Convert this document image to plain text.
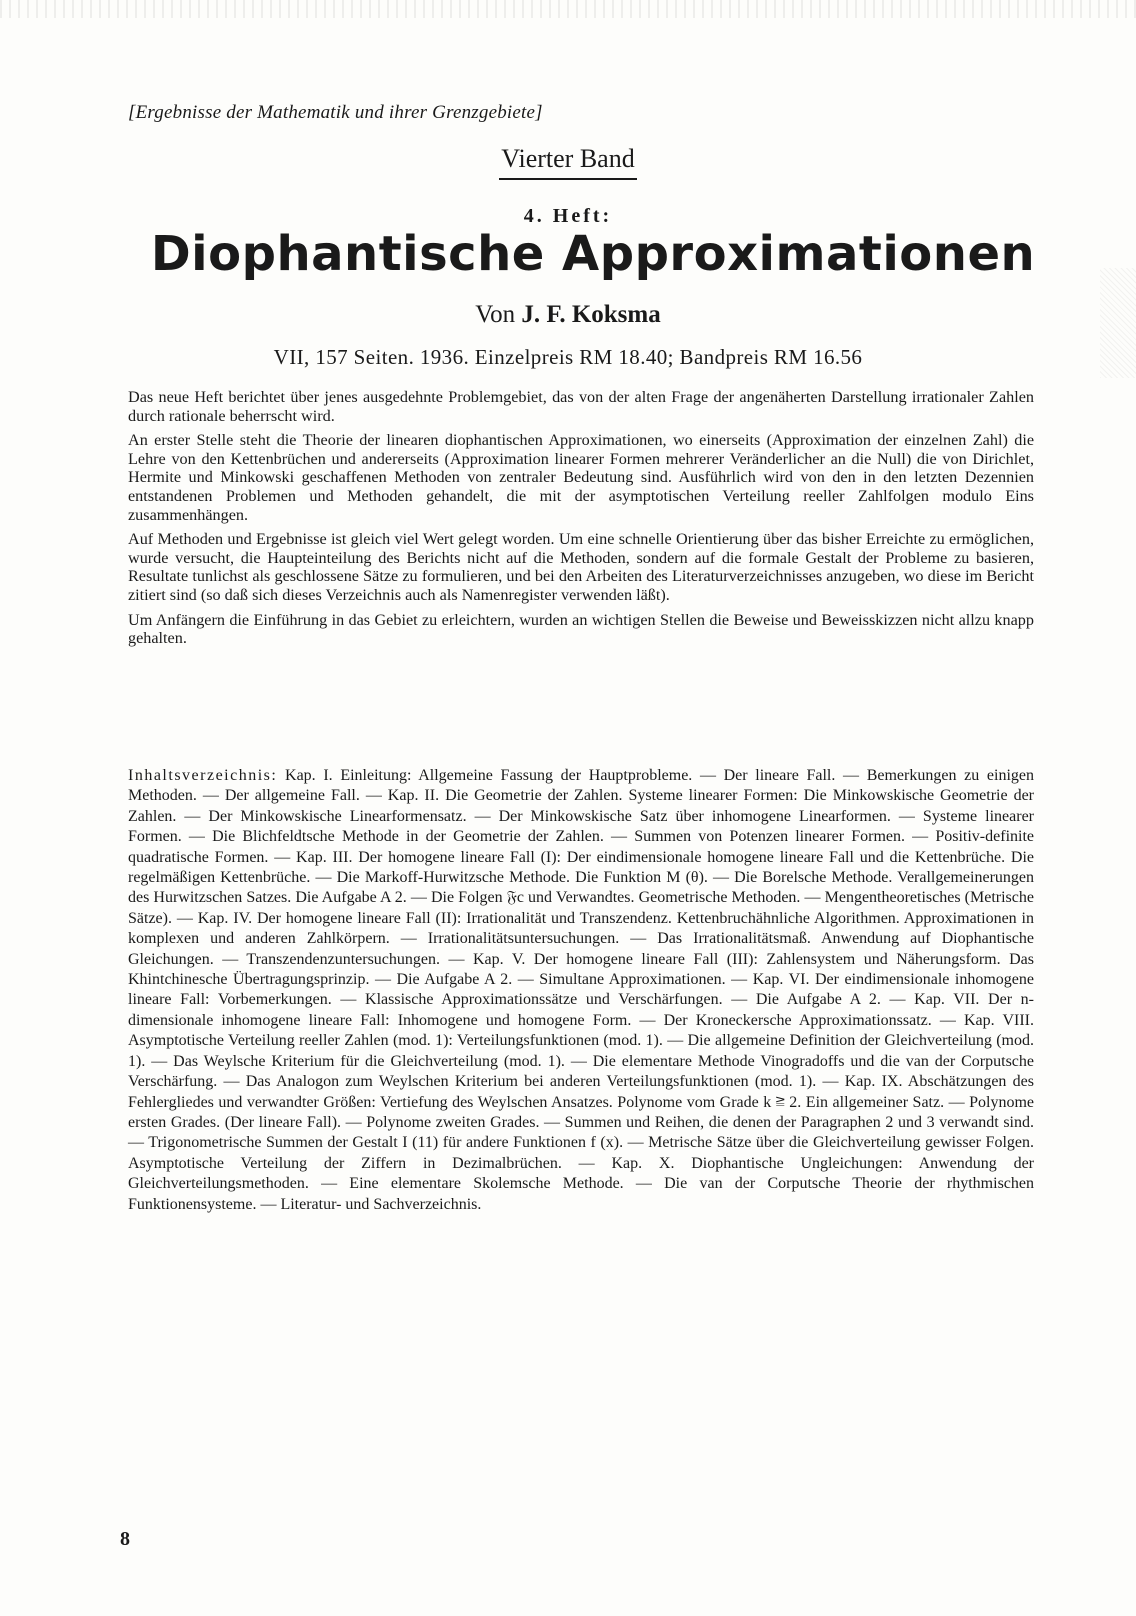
[Ergebnisse der Mathematik und ihrer Grenzgebiete]
Vierter Band
4. Heft:
Diophantische Approximationen
Von J. F. Koksma
VII, 157 Seiten. 1936. Einzelpreis RM 18.40; Bandpreis RM 16.56

Das neue Heft berichtet über jenes ausgedehnte Problemgebiet, das von der alten Frage der angenäherten Darstellung irrationaler Zahlen durch rationale beherrscht wird.

An erster Stelle steht die Theorie der linearen diophantischen Approximationen, wo einerseits (Approximation der einzelnen Zahl) die Lehre von den Kettenbrüchen und andererseits (Approximation linearer Formen mehrerer Veränderlicher an die Null) die von Dirichlet, Hermite und Minkowski geschaffenen Methoden von zentraler Bedeutung sind. Ausführlich wird von den in den letzten Dezennien entstandenen Problemen und Methoden gehandelt, die mit der asymptotischen Verteilung reeller Zahlfolgen modulo Eins zusammenhängen.

Auf Methoden und Ergebnisse ist gleich viel Wert gelegt worden. Um eine schnelle Orientierung über das bisher Erreichte zu ermöglichen, wurde versucht, die Haupteinteilung des Berichts nicht auf die Methoden, sondern auf die formale Gestalt der Probleme zu basieren, Resultate tunlichst als geschlossene Sätze zu formulieren, und bei den Arbeiten des Literaturverzeichnisses anzugeben, wo diese im Bericht zitiert sind (so daß sich dieses Verzeichnis auch als Namenregister verwenden läßt).

Um Anfängern die Einführung in das Gebiet zu erleichtern, wurden an wichtigen Stellen die Beweise und Beweisskizzen nicht allzu knapp gehalten.

Inhaltsverzeichnis: Kap. I. Einleitung: Allgemeine Fassung der Hauptprobleme. — Der lineare Fall. — Bemerkungen zu einigen Methoden. — Der allgemeine Fall. — Kap. II. Die Geometrie der Zahlen. Systeme linearer Formen: Die Minkowskische Geometrie der Zahlen. — Der Minkowskische Linearformensatz. — Der Minkowskische Satz über inhomogene Linearformen. — Systeme linearer Formen. — Die Blichfeldtsche Methode in der Geometrie der Zahlen. — Summen von Potenzen linearer Formen. — Positiv-definite quadratische Formen. — Kap. III. Der homogene lineare Fall (I): Der eindimensionale homogene lineare Fall und die Kettenbrüche. Die regelmäßigen Kettenbrüche. — Die Markoff-Hurwitzsche Methode. Die Funktion M (θ). — Die Borelsche Methode. Verallgemeinerungen des Hurwitzschen Satzes. Die Aufgabe A 2. — Die Folgen 𝔉c und Verwandtes. Geometrische Methoden. — Mengentheoretisches (Metrische Sätze). — Kap. IV. Der homogene lineare Fall (II): Irrationalität und Transzendenz. Kettenbruchähnliche Algorithmen. Approximationen in komplexen und anderen Zahlkörpern. — Irrationalitätsuntersuchungen. — Das Irrationalitätsmaß. Anwendung auf Diophantische Gleichungen. — Transzendenzuntersuchungen. — Kap. V. Der homogene lineare Fall (III): Zahlensystem und Näherungsform. Das Khintchinesche Übertragungsprinzip. — Die Aufgabe A 2. — Simultane Approximationen. — Kap. VI. Der eindimensionale inhomogene lineare Fall: Vorbemerkungen. — Klassische Approximationssätze und Verschärfungen. — Die Aufgabe A 2. — Kap. VII. Der n-dimensionale inhomogene lineare Fall: Inhomogene und homogene Form. — Der Kroneckersche Approximationssatz. — Kap. VIII. Asymptotische Verteilung reeller Zahlen (mod. 1): Verteilungsfunktionen (mod. 1). — Die allgemeine Definition der Gleichverteilung (mod. 1). — Das Weylsche Kriterium für die Gleichverteilung (mod. 1). — Die elementare Methode Vinogradoffs und die van der Corputsche Verschärfung. — Das Analogon zum Weylschen Kriterium bei anderen Verteilungsfunktionen (mod. 1). — Kap. IX. Abschätzungen des Fehlergliedes und verwandter Größen: Vertiefung des Weylschen Ansatzes. Polynome vom Grade k ≧ 2. Ein allgemeiner Satz. — Polynome ersten Grades. (Der lineare Fall). — Polynome zweiten Grades. — Summen und Reihen, die denen der Paragraphen 2 und 3 verwandt sind. — Trigonometrische Summen der Gestalt I (11) für andere Funktionen f (x). — Metrische Sätze über die Gleichverteilung gewisser Folgen. Asymptotische Verteilung der Ziffern in Dezimalbrüchen. — Kap. X. Diophantische Ungleichungen: Anwendung der Gleichverteilungsmethoden. — Eine elementare Skolemsche Methode. — Die van der Corputsche Theorie der rhythmischen Funktionensysteme. — Literatur- und Sachverzeichnis.
8
